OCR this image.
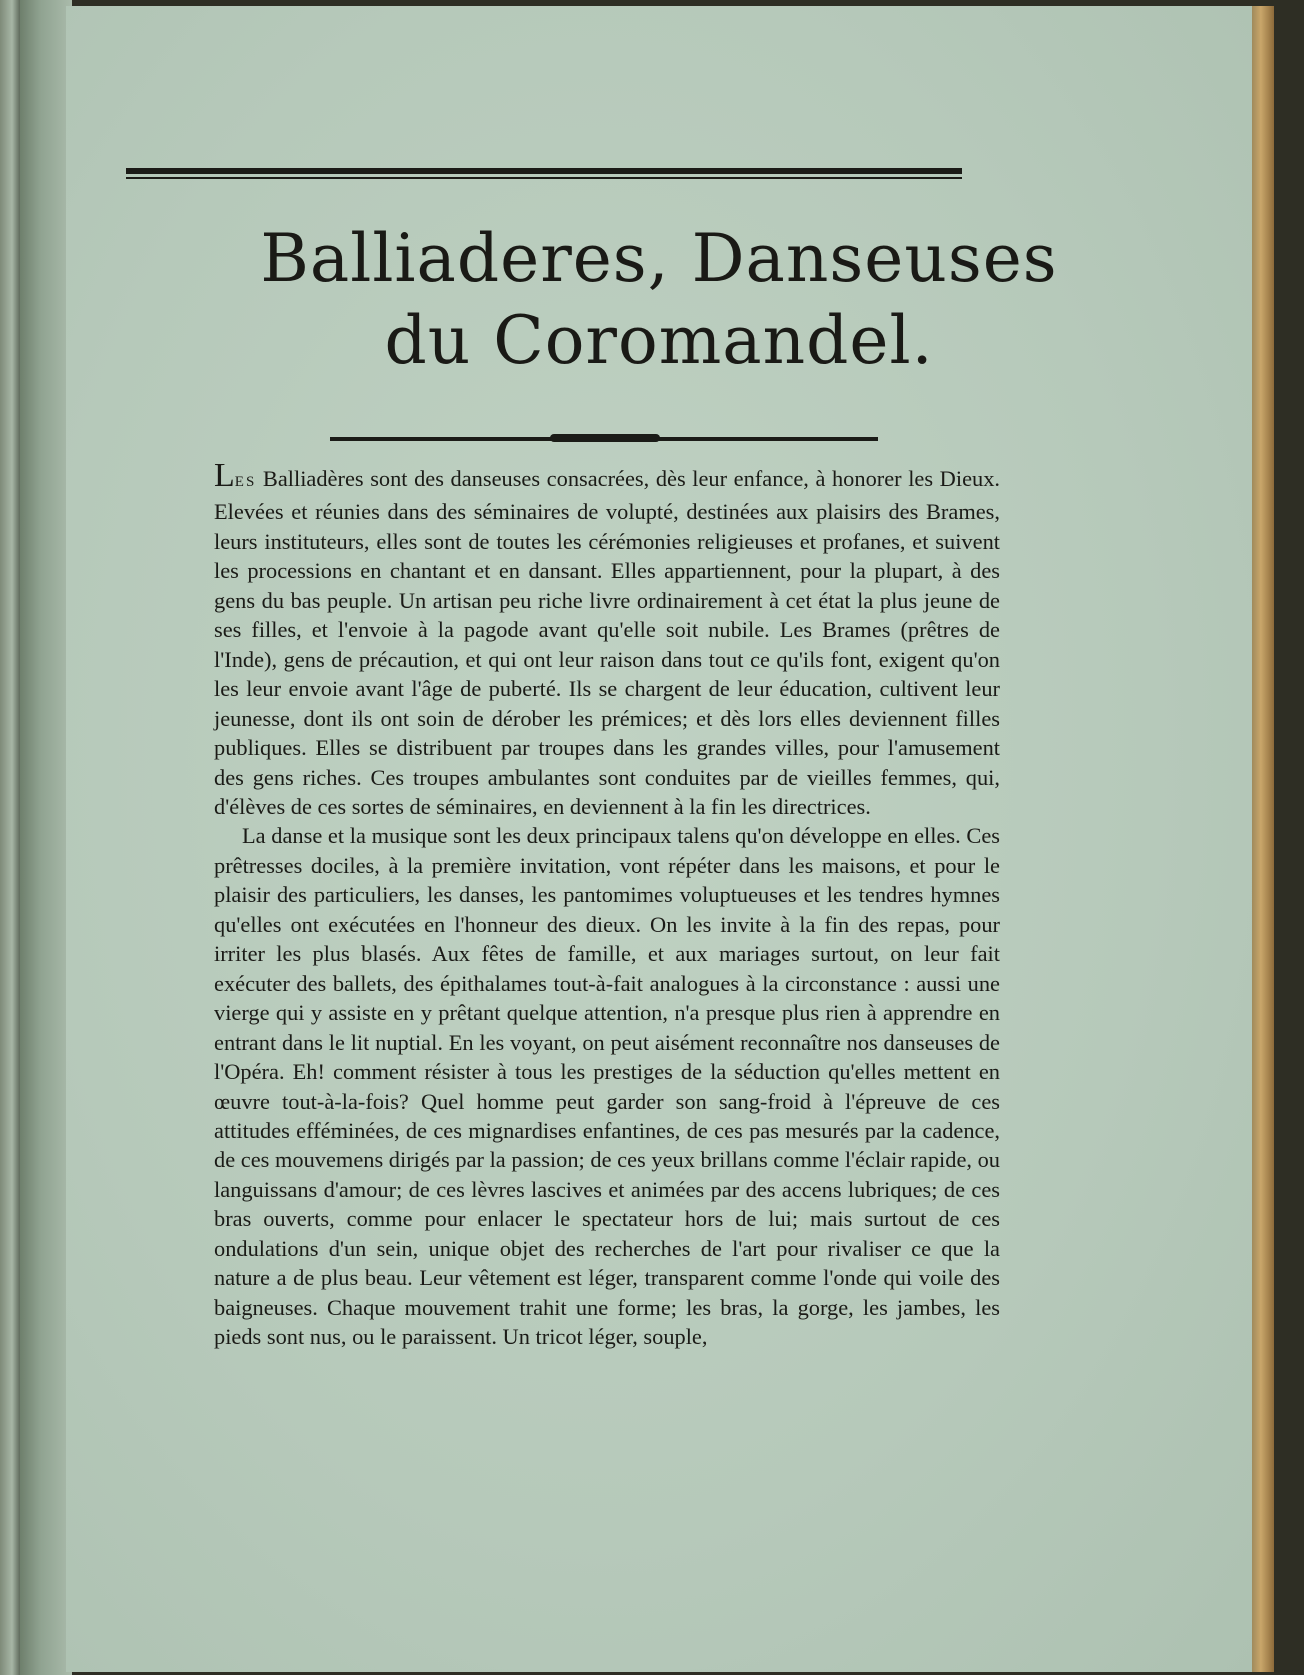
Balliaderes, Danseuses
du Coromandel.

LES Balliadères sont des danseuses consacrées, dès leur enfance, à honorer les Dieux. Elevées et réunies dans des séminaires de volupté, destinées aux plaisirs des Brames, leurs instituteurs, elles sont de toutes les cérémonies religieuses et profanes, et suivent les processions en chantant et en dansant. Elles appartiennent, pour la plupart, à des gens du bas peuple. Un artisan peu riche livre ordinairement à cet état la plus jeune de ses filles, et l'envoie à la pagode avant qu'elle soit nubile. Les Brames (prêtres de l'Inde), gens de précaution, et qui ont leur raison dans tout ce qu'ils font, exigent qu'on les leur envoie avant l'âge de puberté. Ils se chargent de leur éducation, cultivent leur jeunesse, dont ils ont soin de dérober les prémices; et dès lors elles deviennent filles publiques. Elles se distribuent par troupes dans les grandes villes, pour l'amusement des gens riches. Ces troupes ambulantes sont conduites par de vieilles femmes, qui, d'élèves de ces sortes de séminaires, en deviennent à la fin les directrices.

La danse et la musique sont les deux principaux talens qu'on développe en elles. Ces prêtresses dociles, à la première invitation, vont répéter dans les maisons, et pour le plaisir des particuliers, les danses, les pantomimes voluptueuses et les tendres hymnes qu'elles ont exécutées en l'honneur des dieux. On les invite à la fin des repas, pour irriter les plus blasés. Aux fêtes de famille, et aux mariages surtout, on leur fait exécuter des ballets, des épithalames tout-à-fait analogues à la circonstance : aussi une vierge qui y assiste en y prêtant quelque attention, n'a presque plus rien à apprendre en entrant dans le lit nuptial. En les voyant, on peut aisément reconnaître nos danseuses de l'Opéra. Eh! comment résister à tous les prestiges de la séduction qu'elles mettent en œuvre tout-à-la-fois? Quel homme peut garder son sang-froid à l'épreuve de ces attitudes efféminées, de ces mignardises enfantines, de ces pas mesurés par la cadence, de ces mouvemens dirigés par la passion; de ces yeux brillans comme l'éclair rapide, ou languissans d'amour; de ces lèvres lascives et animées par des accens lubriques; de ces bras ouverts, comme pour enlacer le spectateur hors de lui; mais surtout de ces ondulations d'un sein, unique objet des recherches de l'art pour rivaliser ce que la nature a de plus beau. Leur vêtement est léger, transparent comme l'onde qui voile des baigneuses. Chaque mouvement trahit une forme; les bras, la gorge, les jambes, les pieds sont nus, ou le paraissent. Un tricot léger, souple,
